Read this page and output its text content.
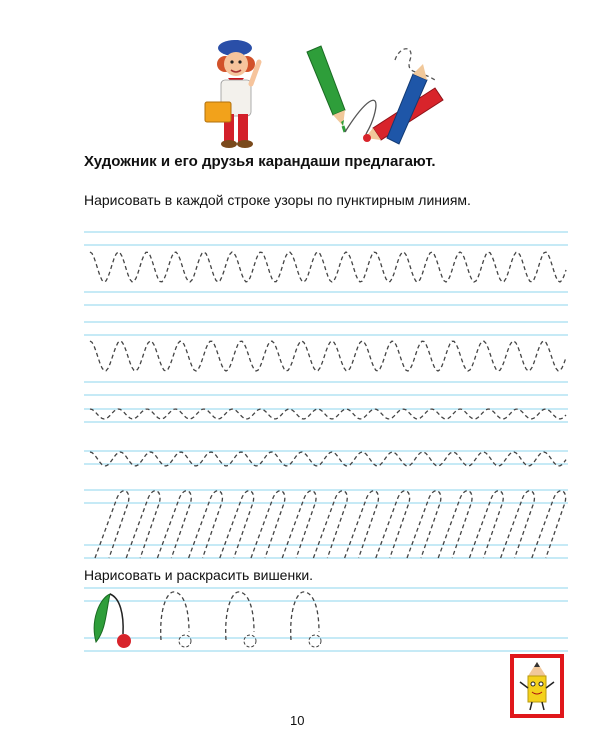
Художник и его друзья карандаши предлагают.
Нарисовать в каждой строке узоры по пунктирным линиям.
Нарисовать и раскрасить вишенки.
10
